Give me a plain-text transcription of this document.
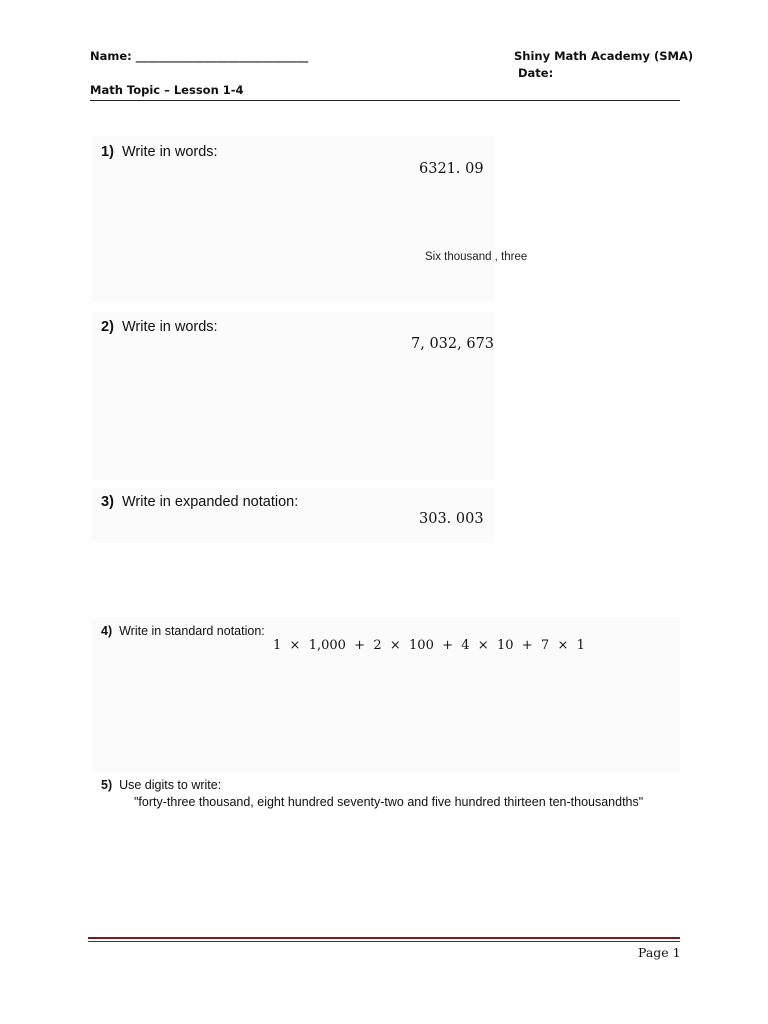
Name: ______________________________	Shiny Math Academy (SMA)
Date:
Math Topic – Lesson 1-4
1) Write in words:
6321. 09
Six thousand , three
2) Write in words:
7, 032, 673
3) Write in expanded notation:
303. 003
4) Write in standard notation:
1  ×  1,000  +  2  ×  100  +  4  ×  10  +  7  ×  1
5) Use digits to write:
"forty-three thousand, eight hundred seventy-two and five hundred thirteen ten-thousandths"
Page 1
